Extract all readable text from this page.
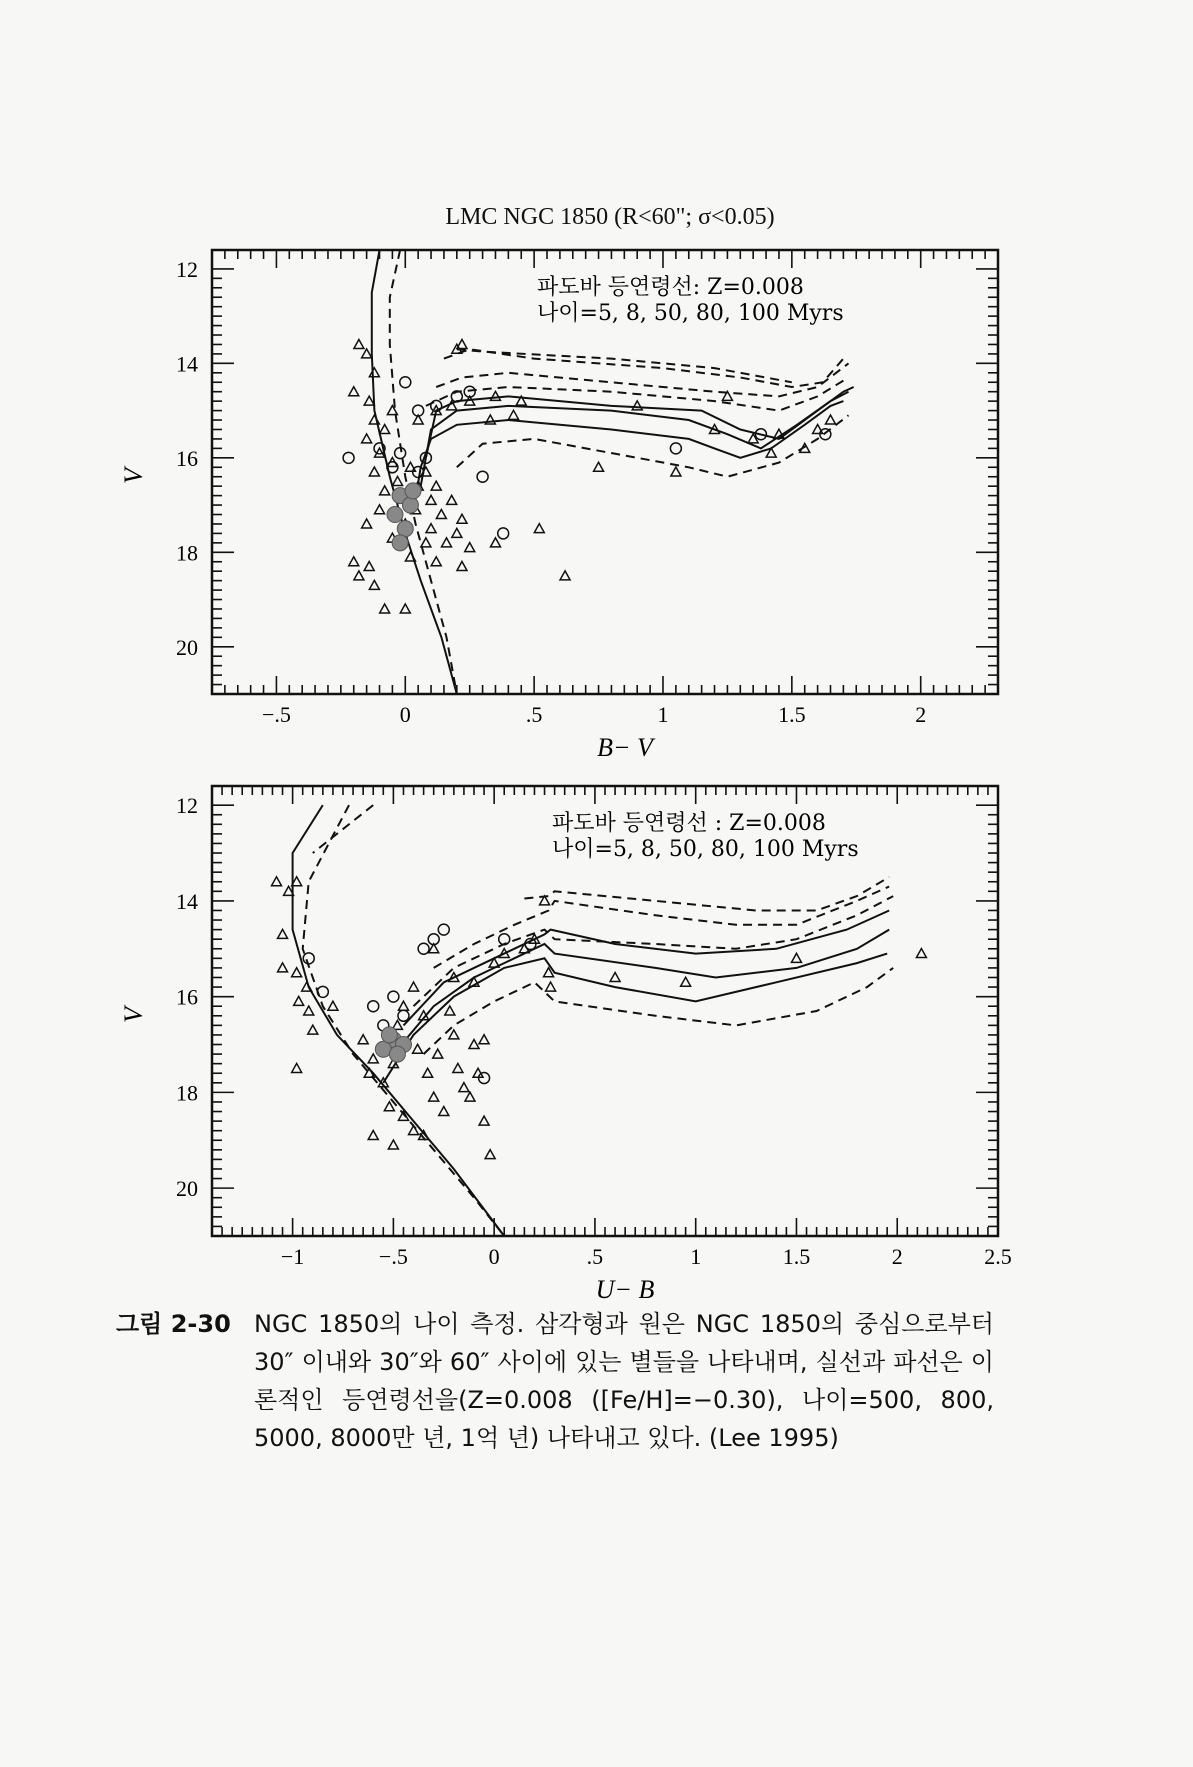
LMC NGC 1850 (R<60"; σ<0.05)
−.5	0	.5	1	1.5	2
12
14
16
18
20
B− V
V
파도바 등연령선: Z=0.008
나이=5, 8, 50, 80, 100 Myrs
−1	−.5	0	.5	1	1.5	2	2.5
12
14
16
18
20
U− B
V
파도바 등연령선 : Z=0.008
나이=5, 8, 50, 80, 100 Myrs
그림 2-30 NGC 1850의 나이 측정. 삼각형과 원은 NGC 1850의 중심으로부터 30″ 이내와 30″와 60″ 사이에 있는 별들을 나타내며, 실선과 파선은 이론적인 등연령선을(Z=0.008 ([Fe/H]=−0.30), 나이=500, 800, 5000, 8000만 년, 1억 년) 나타내고 있다. (Lee 1995)
